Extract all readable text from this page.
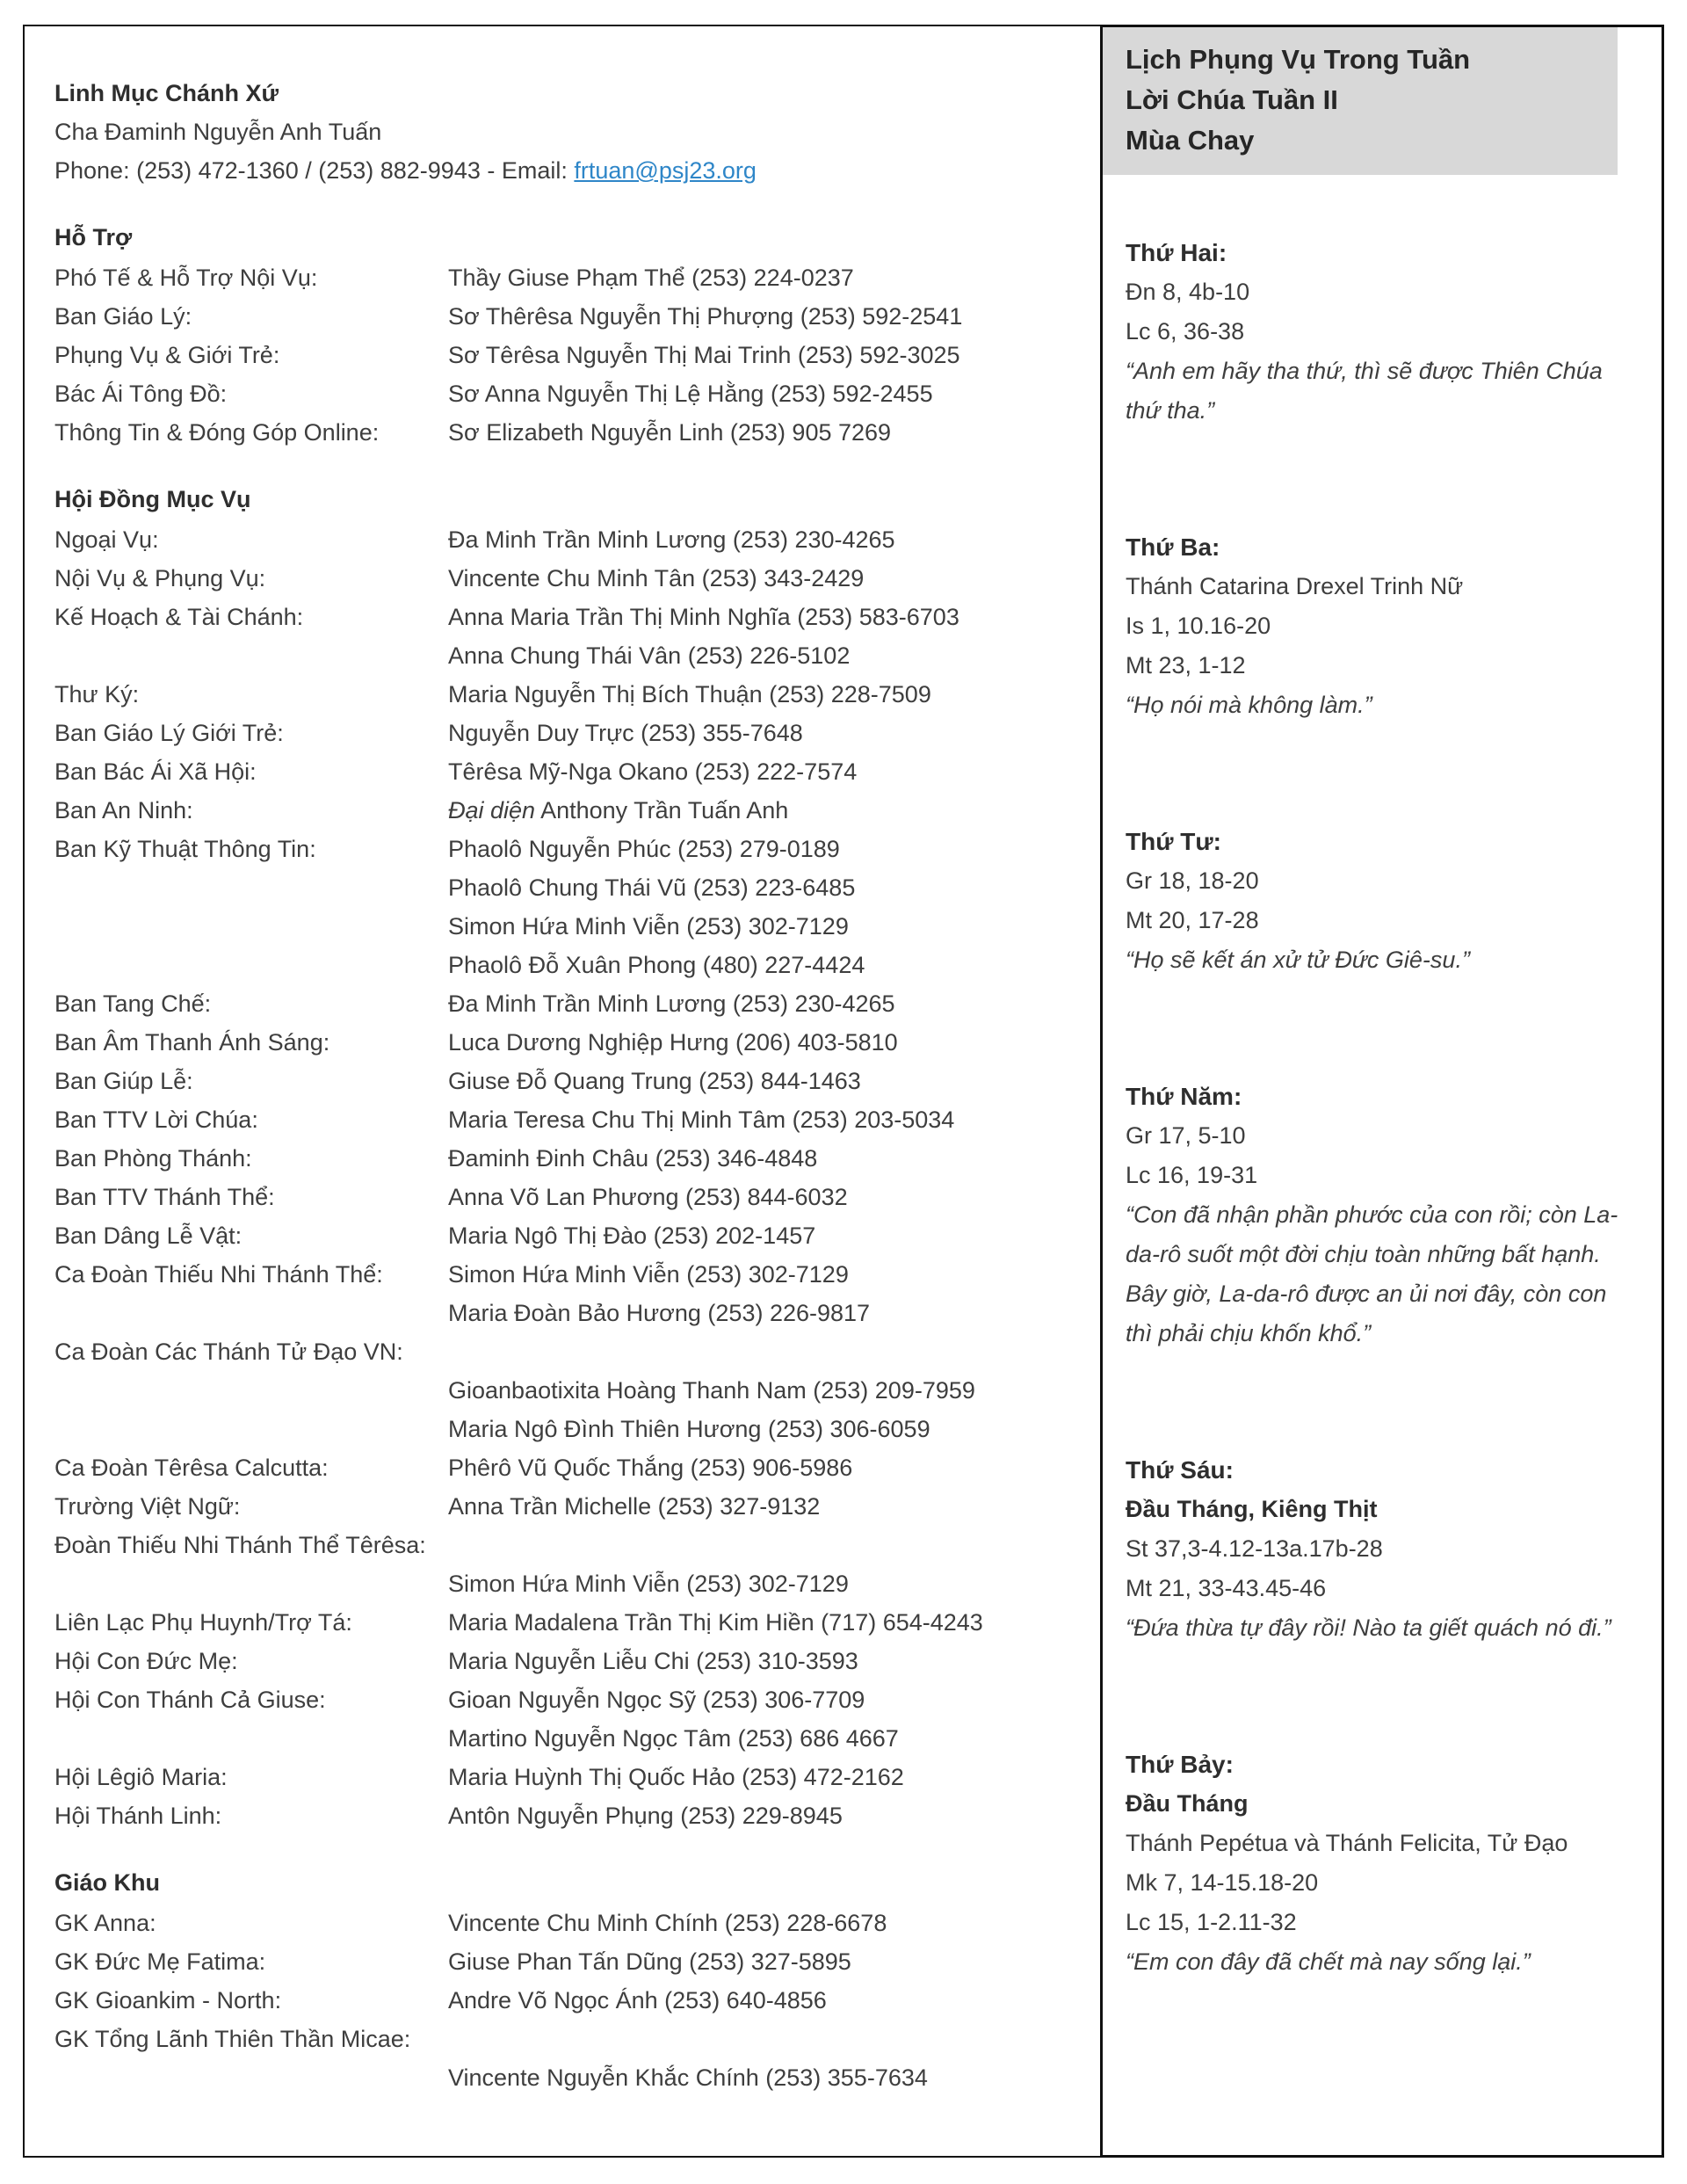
Linh Mục Chánh Xứ
Cha Đaminh Nguyễn Anh Tuấn
Phone: (253) 472-1360 / (253) 882-9943 - Email: frtuan@psj23.org
Hỗ Trợ
Phó Tế & Hỗ Trợ Nội Vụ:	Thầy Giuse Phạm Thể (253) 224-0237
Ban Giáo Lý:	Sơ Thêrêsa Nguyễn Thị Phượng (253) 592-2541
Phụng Vụ & Giới Trẻ:	Sơ Têrêsa Nguyễn Thị Mai Trinh (253) 592-3025
Bác Ái Tông Đồ:	Sơ Anna Nguyễn Thị Lệ Hằng (253) 592-2455
Thông Tin & Đóng Góp Online:	Sơ Elizabeth Nguyễn Linh (253) 905 7269
Hội Đồng Mục Vụ
Ngoại Vụ:	Đa Minh Trần Minh Lương (253) 230-4265
Nội Vụ & Phụng Vụ:	Vincente Chu Minh Tân (253) 343-2429
Kế Hoạch & Tài Chánh:	Anna Maria Trần Thị Minh Nghĩa (253) 583-6703
Anna Chung Thái Vân (253) 226-5102
Thư Ký:	Maria Nguyễn Thị Bích Thuận (253) 228-7509
Ban Giáo Lý Giới Trẻ:	Nguyễn Duy Trực (253) 355-7648
Ban Bác Ái Xã Hội:	Têrêsa Mỹ-Nga Okano (253) 222-7574
Ban An Ninh:	Đại diện Anthony Trần Tuấn Anh
Ban Kỹ Thuật Thông Tin:	Phaolô Nguyễn Phúc (253) 279-0189
Phaolô Chung Thái Vũ (253) 223-6485
Simon Hứa Minh Viễn (253) 302-7129
Phaolô Đỗ Xuân Phong (480) 227-4424
Ban Tang Chế:	Đa Minh Trần Minh Lương (253) 230-4265
Ban Âm Thanh Ánh Sáng:	Luca Dương Nghiệp Hưng (206) 403-5810
Ban Giúp Lễ:	Giuse Đỗ Quang Trung (253) 844-1463
Ban TTV Lời Chúa:	Maria Teresa Chu Thị Minh Tâm (253) 203-5034
Ban Phòng Thánh:	Đaminh Đinh Châu (253) 346-4848
Ban TTV Thánh Thể:	Anna Võ Lan Phương (253) 844-6032
Ban Dâng Lễ Vật:	Maria Ngô Thị Đào (253) 202-1457
Ca Đoàn Thiếu Nhi Thánh Thể:	Simon Hứa Minh Viễn (253) 302-7129
Maria Đoàn Bảo Hương (253) 226-9817
Ca Đoàn Các Thánh Tử Đạo VN:
Gioanbaotixita Hoàng Thanh Nam (253) 209-7959
Maria Ngô Đình Thiên Hương (253) 306-6059
Ca Đoàn Têrêsa Calcutta:	Phêrô Vũ Quốc Thắng (253) 906-5986
Trường Việt Ngữ:	Anna Trần Michelle (253) 327-9132
Đoàn Thiếu Nhi Thánh Thể Têrêsa:
Simon Hứa Minh Viễn (253) 302-7129
Liên Lạc Phụ Huynh/Trợ Tá:	Maria Madalena Trần Thị Kim Hiền (717) 654-4243
Hội Con Đức Mẹ:	Maria Nguyễn Liễu Chi (253) 310-3593
Hội Con Thánh Cả Giuse:	Gioan Nguyễn Ngọc Sỹ (253) 306-7709
Martino Nguyễn Ngọc Tâm (253) 686 4667
Hội Lêgiô Maria:	Maria Huỳnh Thị Quốc Hảo (253) 472-2162
Hội Thánh Linh:	Antôn Nguyễn Phụng (253) 229-8945
Giáo Khu
GK Anna:	Vincente Chu Minh Chính (253) 228-6678
GK Đức Mẹ Fatima:	Giuse Phan Tấn Dũng (253) 327-5895
GK Gioankim - North:	Andre Võ Ngọc Ánh (253) 640-4856
GK Tổng Lãnh Thiên Thần Micae:
Vincente Nguyễn Khắc Chính (253) 355-7634
Lịch Phụng Vụ Trong Tuần
Lời Chúa Tuần II
Mùa Chay
Thứ Hai:
Đn 8, 4b-10
Lc 6, 36-38
“Anh em hãy tha thứ, thì sẽ được Thiên Chúa thứ tha.”
Thứ Ba:
Thánh Catarina Drexel Trinh Nữ
Is 1, 10.16-20
Mt 23, 1-12
“Họ nói mà không làm.”
Thứ Tư:
Gr 18, 18-20
Mt 20, 17-28
“Họ sẽ kết án xử tử Đức Giê-su.”
Thứ Năm:
Gr 17, 5-10
Lc 16, 19-31
“Con đã nhận phần phước của con rồi; còn La-da-rô suốt một đời chịu toàn những bất hạnh. Bây giờ, La-da-rô được an ủi nơi đây, còn con thì phải chịu khốn khổ.”
Thứ Sáu:
Đầu Tháng, Kiêng Thịt
St 37,3-4.12-13a.17b-28
Mt 21, 33-43.45-46
“Đứa thừa tự đây rồi! Nào ta giết quách nó đi.”
Thứ Bảy:
Đầu Tháng
Thánh Pepétua và Thánh Felicita, Tử Đạo
Mk 7, 14-15.18-20
Lc 15, 1-2.11-32
“Em con đây đã chết mà nay sống lại.”
